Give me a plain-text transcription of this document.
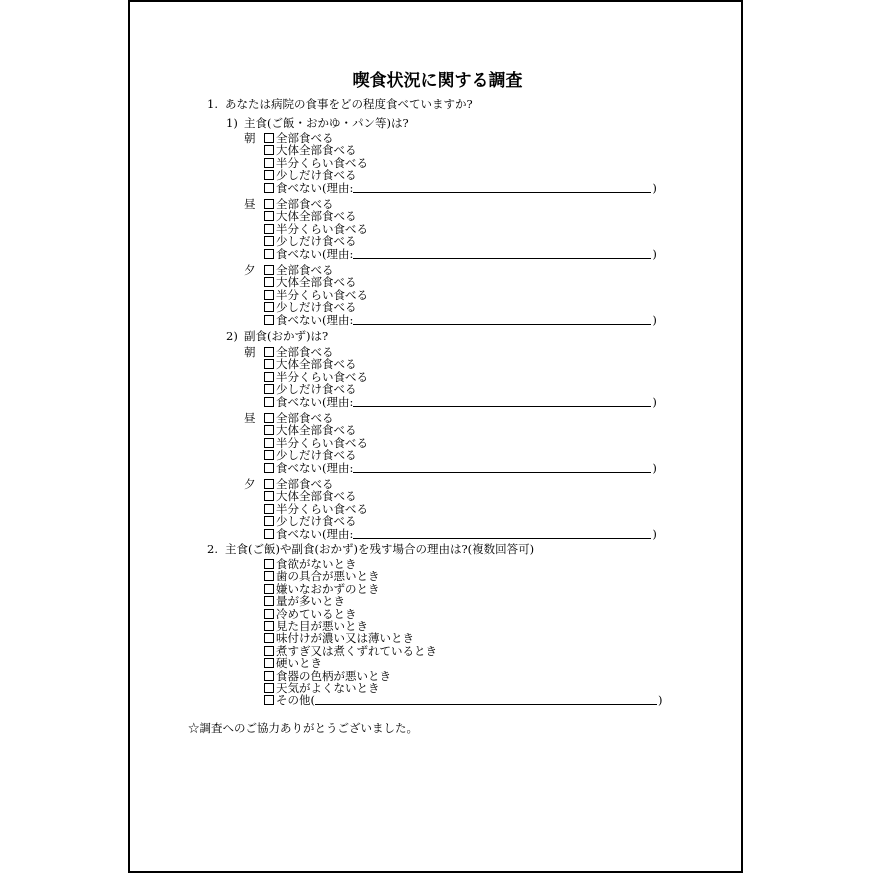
喫食状況に関する調査
1. あなたは病院の食事をどの程度食べていますか?
1) 主食(ご飯・おかゆ・パン等)は?
朝	全部食べる
大体全部食べる
半分くらい食べる
少しだけ食べる
食べない(理由:	)
昼	全部食べる
大体全部食べる
半分くらい食べる
少しだけ食べる
食べない(理由:	)
夕	全部食べる
大体全部食べる
半分くらい食べる
少しだけ食べる
食べない(理由:	)
2) 副食(おかず)は?
朝	全部食べる
大体全部食べる
半分くらい食べる
少しだけ食べる
食べない(理由:	)
昼	全部食べる
大体全部食べる
半分くらい食べる
少しだけ食べる
食べない(理由:	)
夕	全部食べる
大体全部食べる
半分くらい食べる
少しだけ食べる
食べない(理由:	)
2. 主食(ご飯)や副食(おかず)を残す場合の理由は?(複数回答可)
食欲がないとき
歯の具合が悪いとき
嫌いなおかずのとき
量が多いとき
冷めているとき
見た目が悪いとき
味付けが濃い又は薄いとき
煮すぎ又は煮くずれているとき
硬いとき
食器の色柄が悪いとき
天気がよくないとき
その他(	)
☆調査へのご協力ありがとうございました。
